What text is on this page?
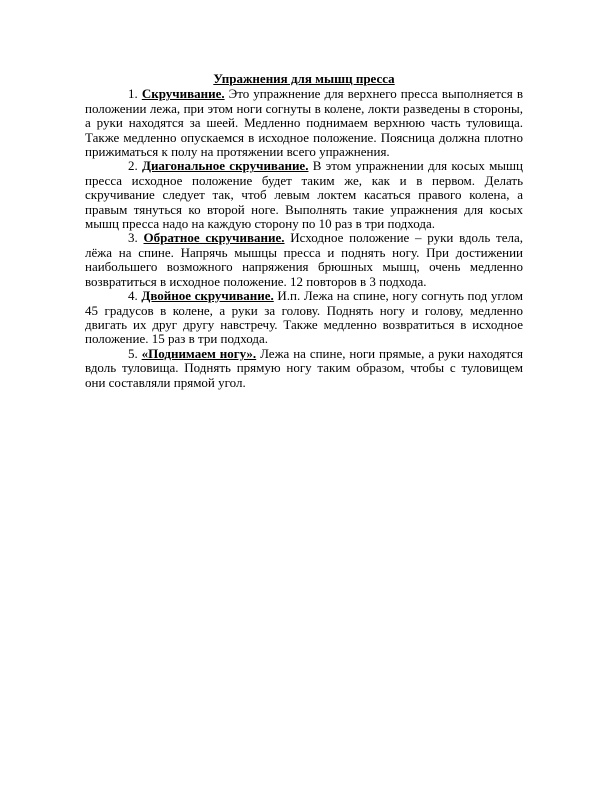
Упражнения для мышц пресса

1. Скручивание. Это упражнение для верхнего пресса выполняется в положении лежа, при этом ноги согнуты в колене, локти разведены в стороны, а руки находятся за шеей. Медленно поднимаем верхнюю часть туловища. Также медленно опускаемся в исходное положение. Поясница должна плотно прижиматься к полу на протяжении всего упражнения.

2. Диагональное скручивание. В этом упражнении для косых мышц пресса исходное положение будет таким же, как и в первом. Делать скручивание следует так, чтоб левым локтем касаться правого колена, а правым тянуться ко второй ноге. Выполнять такие упражнения для косых мышц пресса надо на каждую сторону по 10 раз в три подхода.

3. Обратное скручивание. Исходное положение – руки вдоль тела, лёжа на спине. Напрячь мышцы пресса и поднять ногу. При достижении наибольшего возможного напряжения брюшных мышц, очень медленно возвратиться в исходное положение. 12 повторов в 3 подхода.

4. Двойное скручивание. И.п. Лежа на спине, ногу согнуть под углом 45 градусов в колене, а руки за голову. Поднять ногу и голову, медленно двигать их друг другу навстречу. Также медленно возвратиться в исходное положение. 15 раз в три подхода.

5. «Поднимаем ногу». Лежа на спине, ноги прямые, а руки находятся вдоль туловища. Поднять прямую ногу таким образом, чтобы с туловищем они составляли прямой угол.
